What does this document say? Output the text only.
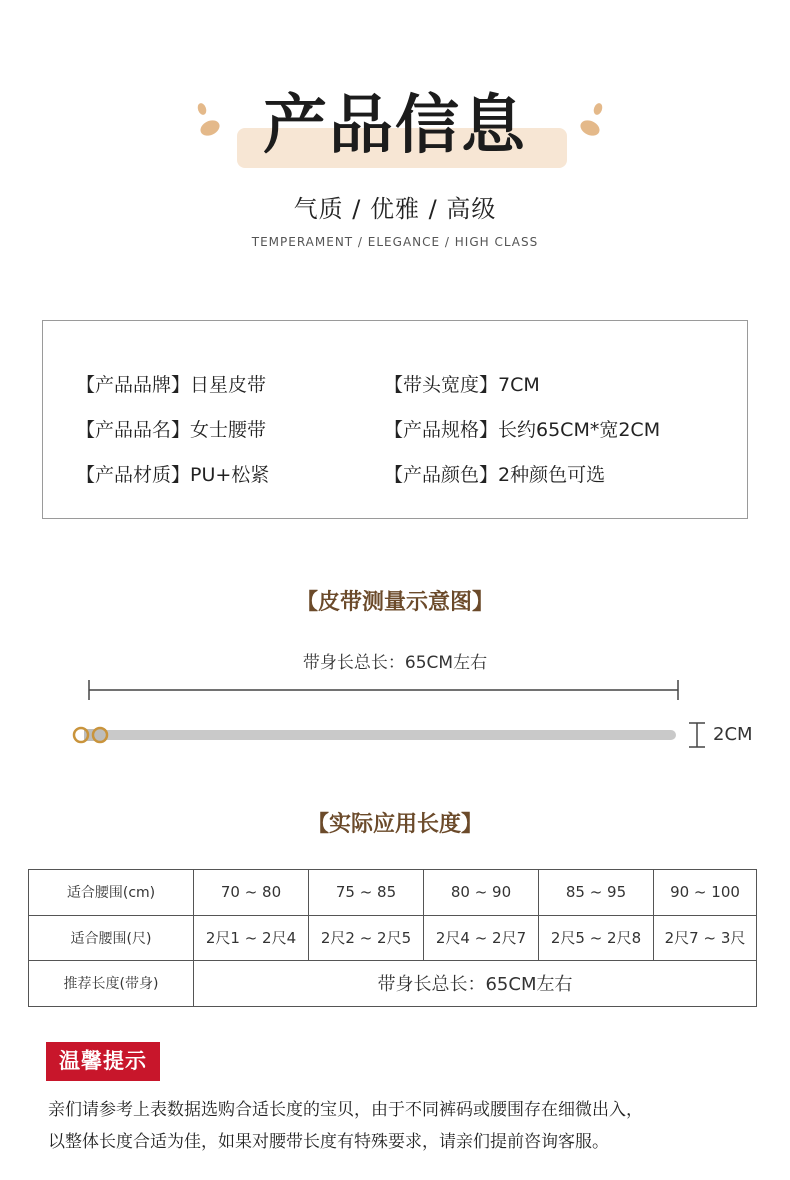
产品信息
气质 / 优雅 / 高级
TEMPERAMENT / ELEGANCE / HIGH CLASS
【产品品牌】日星皮带
【产品品名】女士腰带
【产品材质】PU+松紧
【带头宽度】7CM
【产品规格】长约65CM*宽2CM
【产品颜色】2种颜色可选
【皮带测量示意图】
带身长总长：65CM左右
2CM
【实际应用长度】
适合腰围(cm)	70 ~ 80	75 ~ 85	80 ~ 90	85 ~ 95	90 ~ 100
适合腰围(尺)	2尺1 ~ 2尺4	2尺2 ~ 2尺5	2尺4 ~ 2尺7	2尺5 ~ 2尺8	2尺7 ~ 3尺
推荐长度(带身)	带身长总长：65CM左右				
温馨提示
亲们请参考上表数据选购合适长度的宝贝，由于不同裤码或腰围存在细微出入，
以整体长度合适为佳，如果对腰带长度有特殊要求，请亲们提前咨询客服。
